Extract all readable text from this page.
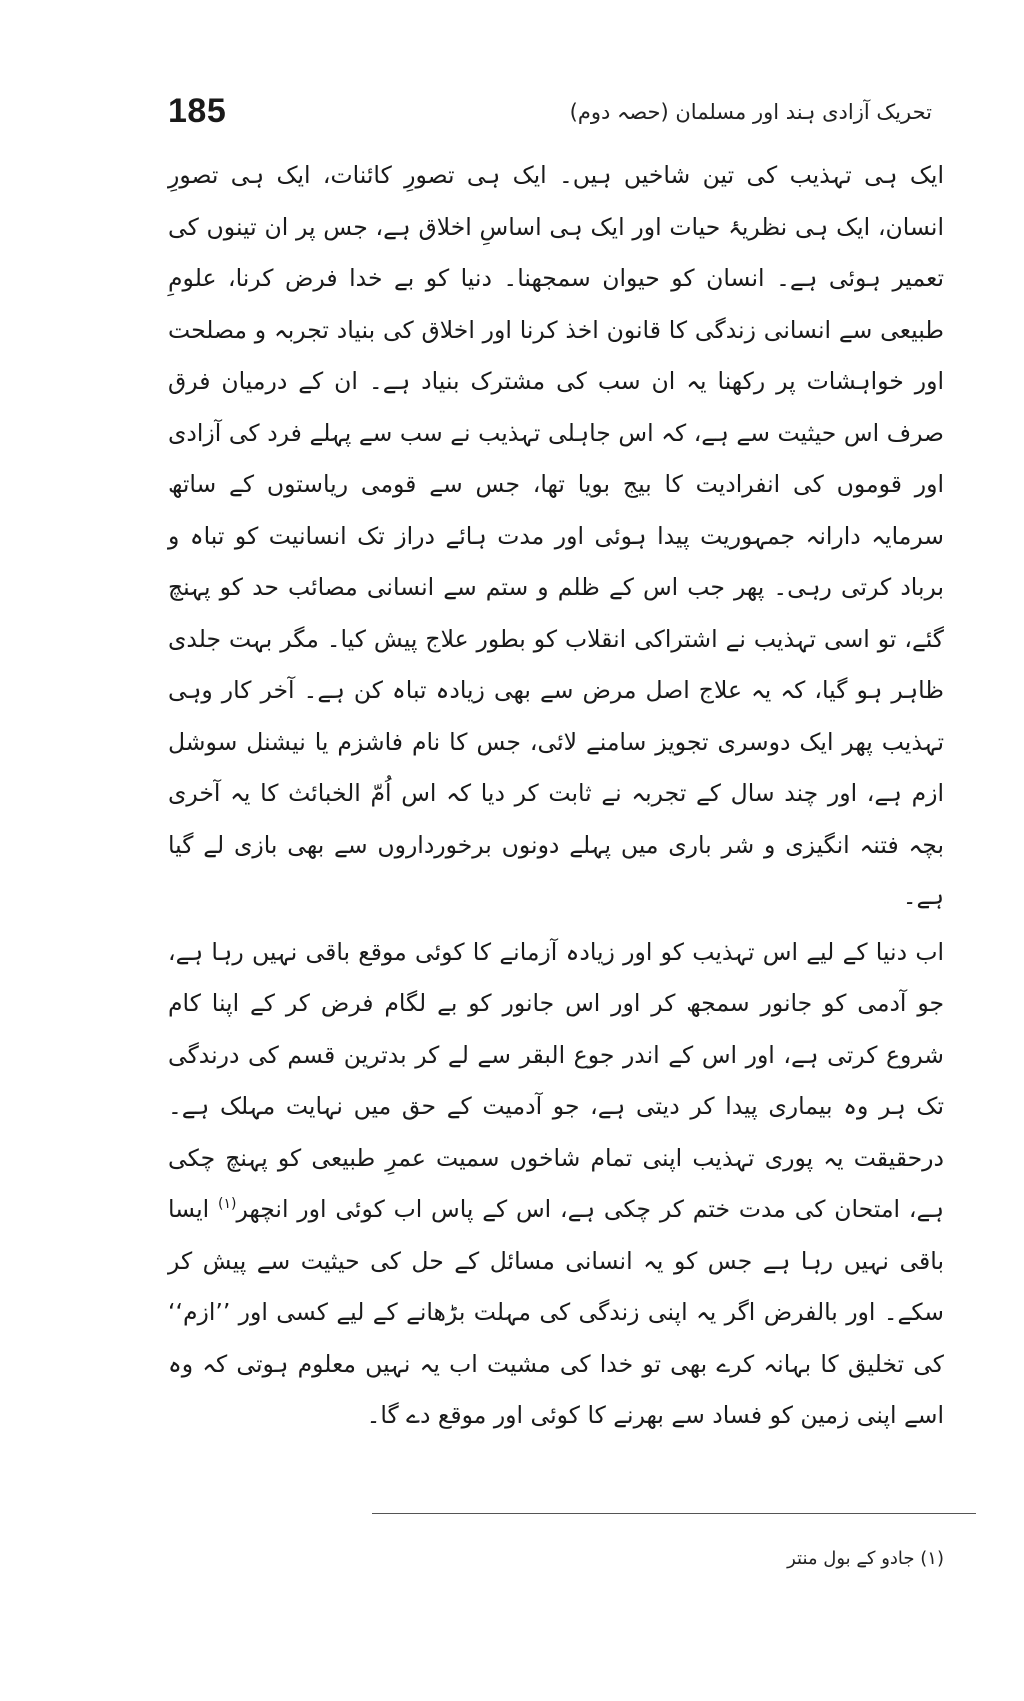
185	تحریک آزادی ہند اور مسلمان (حصہ دوم)

ایک ہی تہذیب کی تین شاخیں ہیں۔ ایک ہی تصورِ کائنات، ایک ہی تصورِ انسان، ایک ہی نظریۂ حیات اور ایک ہی اساسِ اخلاق ہے، جس پر ان تینوں کی تعمیر ہوئی ہے۔ انسان کو حیوان سمجھنا۔ دنیا کو بے خدا فرض کرنا، علومِ طبیعی سے انسانی زندگی کا قانون اخذ کرنا اور اخلاق کی بنیاد تجربہ و مصلحت اور خواہشات پر رکھنا یہ ان سب کی مشترک بنیاد ہے۔ ان کے درمیان فرق صرف اس حیثیت سے ہے، کہ اس جاہلی تہذیب نے سب سے پہلے فرد کی آزادی اور قوموں کی انفرادیت کا بیج بویا تھا، جس سے قومی ریاستوں کے ساتھ سرمایہ دارانہ جمہوریت پیدا ہوئی اور مدت ہائے دراز تک انسانیت کو تباہ و برباد کرتی رہی۔ پھر جب اس کے ظلم و ستم سے انسانی مصائب حد کو پہنچ گئے، تو اسی تہذیب نے اشتراکی انقلاب کو بطور علاج پیش کیا۔ مگر بہت جلدی ظاہر ہو گیا، کہ یہ علاج اصل مرض سے بھی زیادہ تباہ کن ہے۔ آخر کار وہی تہذیب پھر ایک دوسری تجویز سامنے لائی، جس کا نام فاشزم یا نیشنل سوشل ازم ہے، اور چند سال کے تجربہ نے ثابت کر دیا کہ اس اُمّ الخبائث کا یہ آخری بچہ فتنہ انگیزی و شر باری میں پہلے دونوں برخورداروں سے بھی بازی لے گیا ہے۔

اب دنیا کے لیے اس تہذیب کو اور زیادہ آزمانے کا کوئی موقع باقی نہیں رہا ہے، جو آدمی کو جانور سمجھ کر اور اس جانور کو بے لگام فرض کر کے اپنا کام شروع کرتی ہے، اور اس کے اندر جوع البقر سے لے کر بدترین قسم کی درندگی تک ہر وہ بیماری پیدا کر دیتی ہے، جو آدمیت کے حق میں نہایت مہلک ہے۔ درحقیقت یہ پوری تہذیب اپنی تمام شاخوں سمیت عمرِ طبیعی کو پہنچ چکی ہے، امتحان کی مدت ختم کر چکی ہے، اس کے پاس اب کوئی اور انچھر$^{(۱)}$ ایسا باقی نہیں رہا ہے جس کو یہ انسانی مسائل کے حل کی حیثیت سے پیش کر سکے۔ اور بالفرض اگر یہ اپنی زندگی کی مہلت بڑھانے کے لیے کسی اور ’’ازم‘‘ کی تخلیق کا بہانہ کرے بھی تو خدا کی مشیت اب یہ نہیں معلوم ہوتی کہ وہ اسے اپنی زمین کو فساد سے بھرنے کا کوئی اور موقع دے گا۔

(۱) جادو کے بول منتر
